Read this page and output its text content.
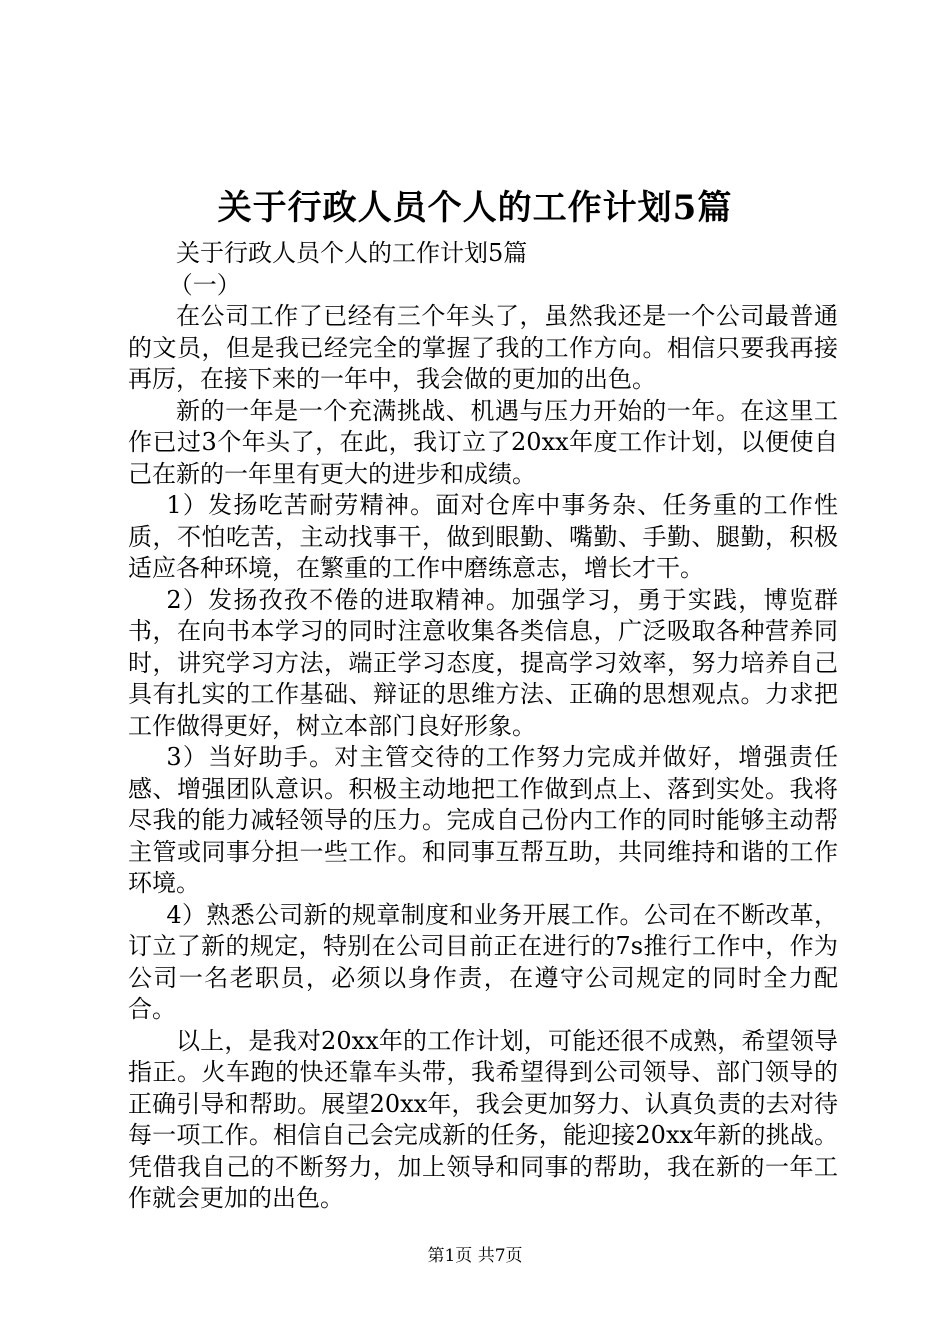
关于行政人员个人的工作计划5篇

关于行政人员个人的工作计划5篇

（一）

在公司工作了已经有三个年头了，虽然我还是一个公司最普通的文员，但是我已经完全的掌握了我的工作方向。相信只要我再接再厉，在接下来的一年中，我会做的更加的出色。

新的一年是一个充满挑战、机遇与压力开始的一年。在这里工作已过3个年头了，在此，我订立了20xx年度工作计划，以便使自己在新的一年里有更大的进步和成绩。

1）发扬吃苦耐劳精神。面对仓库中事务杂、任务重的工作性质，不怕吃苦，主动找事干，做到眼勤、嘴勤、手勤、腿勤，积极适应各种环境，在繁重的工作中磨练意志，增长才干。

2）发扬孜孜不倦的进取精神。加强学习，勇于实践，博览群书，在向书本学习的同时注意收集各类信息，广泛吸取各种营养同时，讲究学习方法，端正学习态度，提高学习效率，努力培养自己具有扎实的工作基础、辩证的思维方法、正确的思想观点。力求把工作做得更好，树立本部门良好形象。

3）当好助手。对主管交待的工作努力完成并做好，增强责任感、增强团队意识。积极主动地把工作做到点上、落到实处。我将尽我的能力减轻领导的压力。完成自己份内工作的同时能够主动帮主管或同事分担一些工作。和同事互帮互助，共同维持和谐的工作环境。

4）熟悉公司新的规章制度和业务开展工作。公司在不断改革，订立了新的规定，特别在公司目前正在进行的7s推行工作中，作为公司一名老职员，必须以身作责，在遵守公司规定的同时全力配合。

以上，是我对20xx年的工作计划，可能还很不成熟，希望领导指正。火车跑的快还靠车头带，我希望得到公司领导、部门领导的正确引导和帮助。展望20xx年，我会更加努力、认真负责的去对待每一项工作。相信自己会完成新的任务，能迎接20xx年新的挑战。凭借我自己的不断努力，加上领导和同事的帮助，我在新的一年工作就会更加的出色。

第1页 共7页
